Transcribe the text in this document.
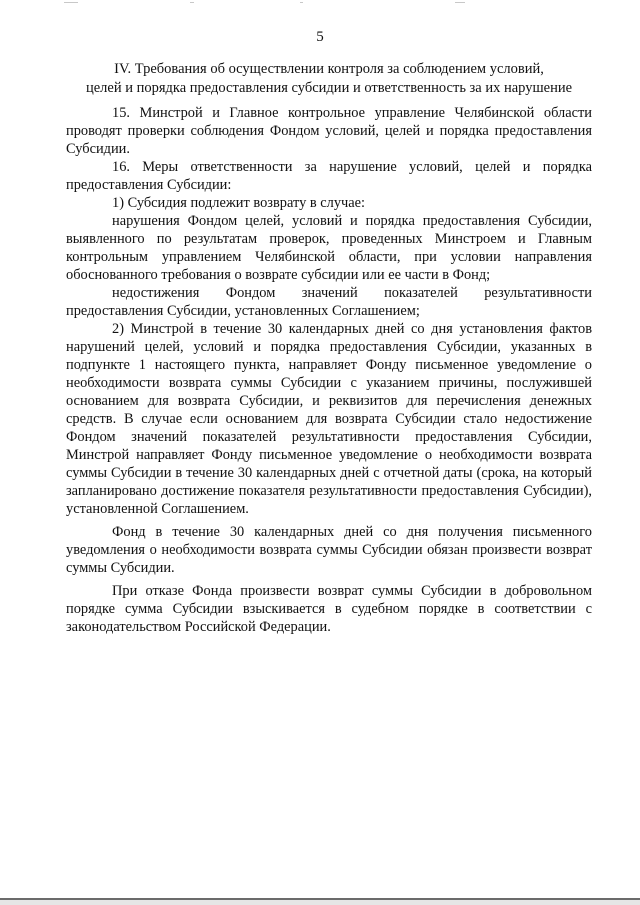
5
IV. Требования об осуществлении контроля за соблюдением условий,
целей и порядка предоставления субсидии и ответственность за их нарушение

15. Минстрой и Главное контрольное управление Челябинской области проводят проверки соблюдения Фондом условий, целей и порядка предоставления Субсидии.

16. Меры ответственности за нарушение условий, целей и порядка предоставления Субсидии:

1) Субсидия подлежит возврату в случае:

нарушения Фондом целей, условий и порядка предоставления Субсидии, выявленного по результатам проверок, проведенных Минстроем и Главным контрольным управлением Челябинской области, при условии направления обоснованного требования о возврате субсидии или ее части в Фонд;

недостижения Фондом значений показателей результативности предоставления Субсидии, установленных Соглашением;

2) Минстрой в течение 30 календарных дней со дня установления фактов нарушений целей, условий и порядка предоставления Субсидии, указанных в подпункте 1 настоящего пункта, направляет Фонду письменное уведомление о необходимости возврата суммы Субсидии с указанием причины, послужившей основанием для возврата Субсидии, и реквизитов для перечисления денежных средств. В случае если основанием для возврата Субсидии стало недостижение Фондом значений показателей результативности предоставления Субсидии, Минстрой направляет Фонду письменное уведомление о необходимости возврата суммы Субсидии в течение 30 календарных дней с отчетной даты (срока, на который запланировано достижение показателя результативности предоставления Субсидии), установленной Соглашением.

Фонд в течение 30 календарных дней со дня получения письменного уведомления о необходимости возврата суммы Субсидии обязан произвести возврат суммы Субсидии.

При отказе Фонда произвести возврат суммы Субсидии в добровольном порядке сумма Субсидии взыскивается в судебном порядке в соответствии с законодательством Российской Федерации.
